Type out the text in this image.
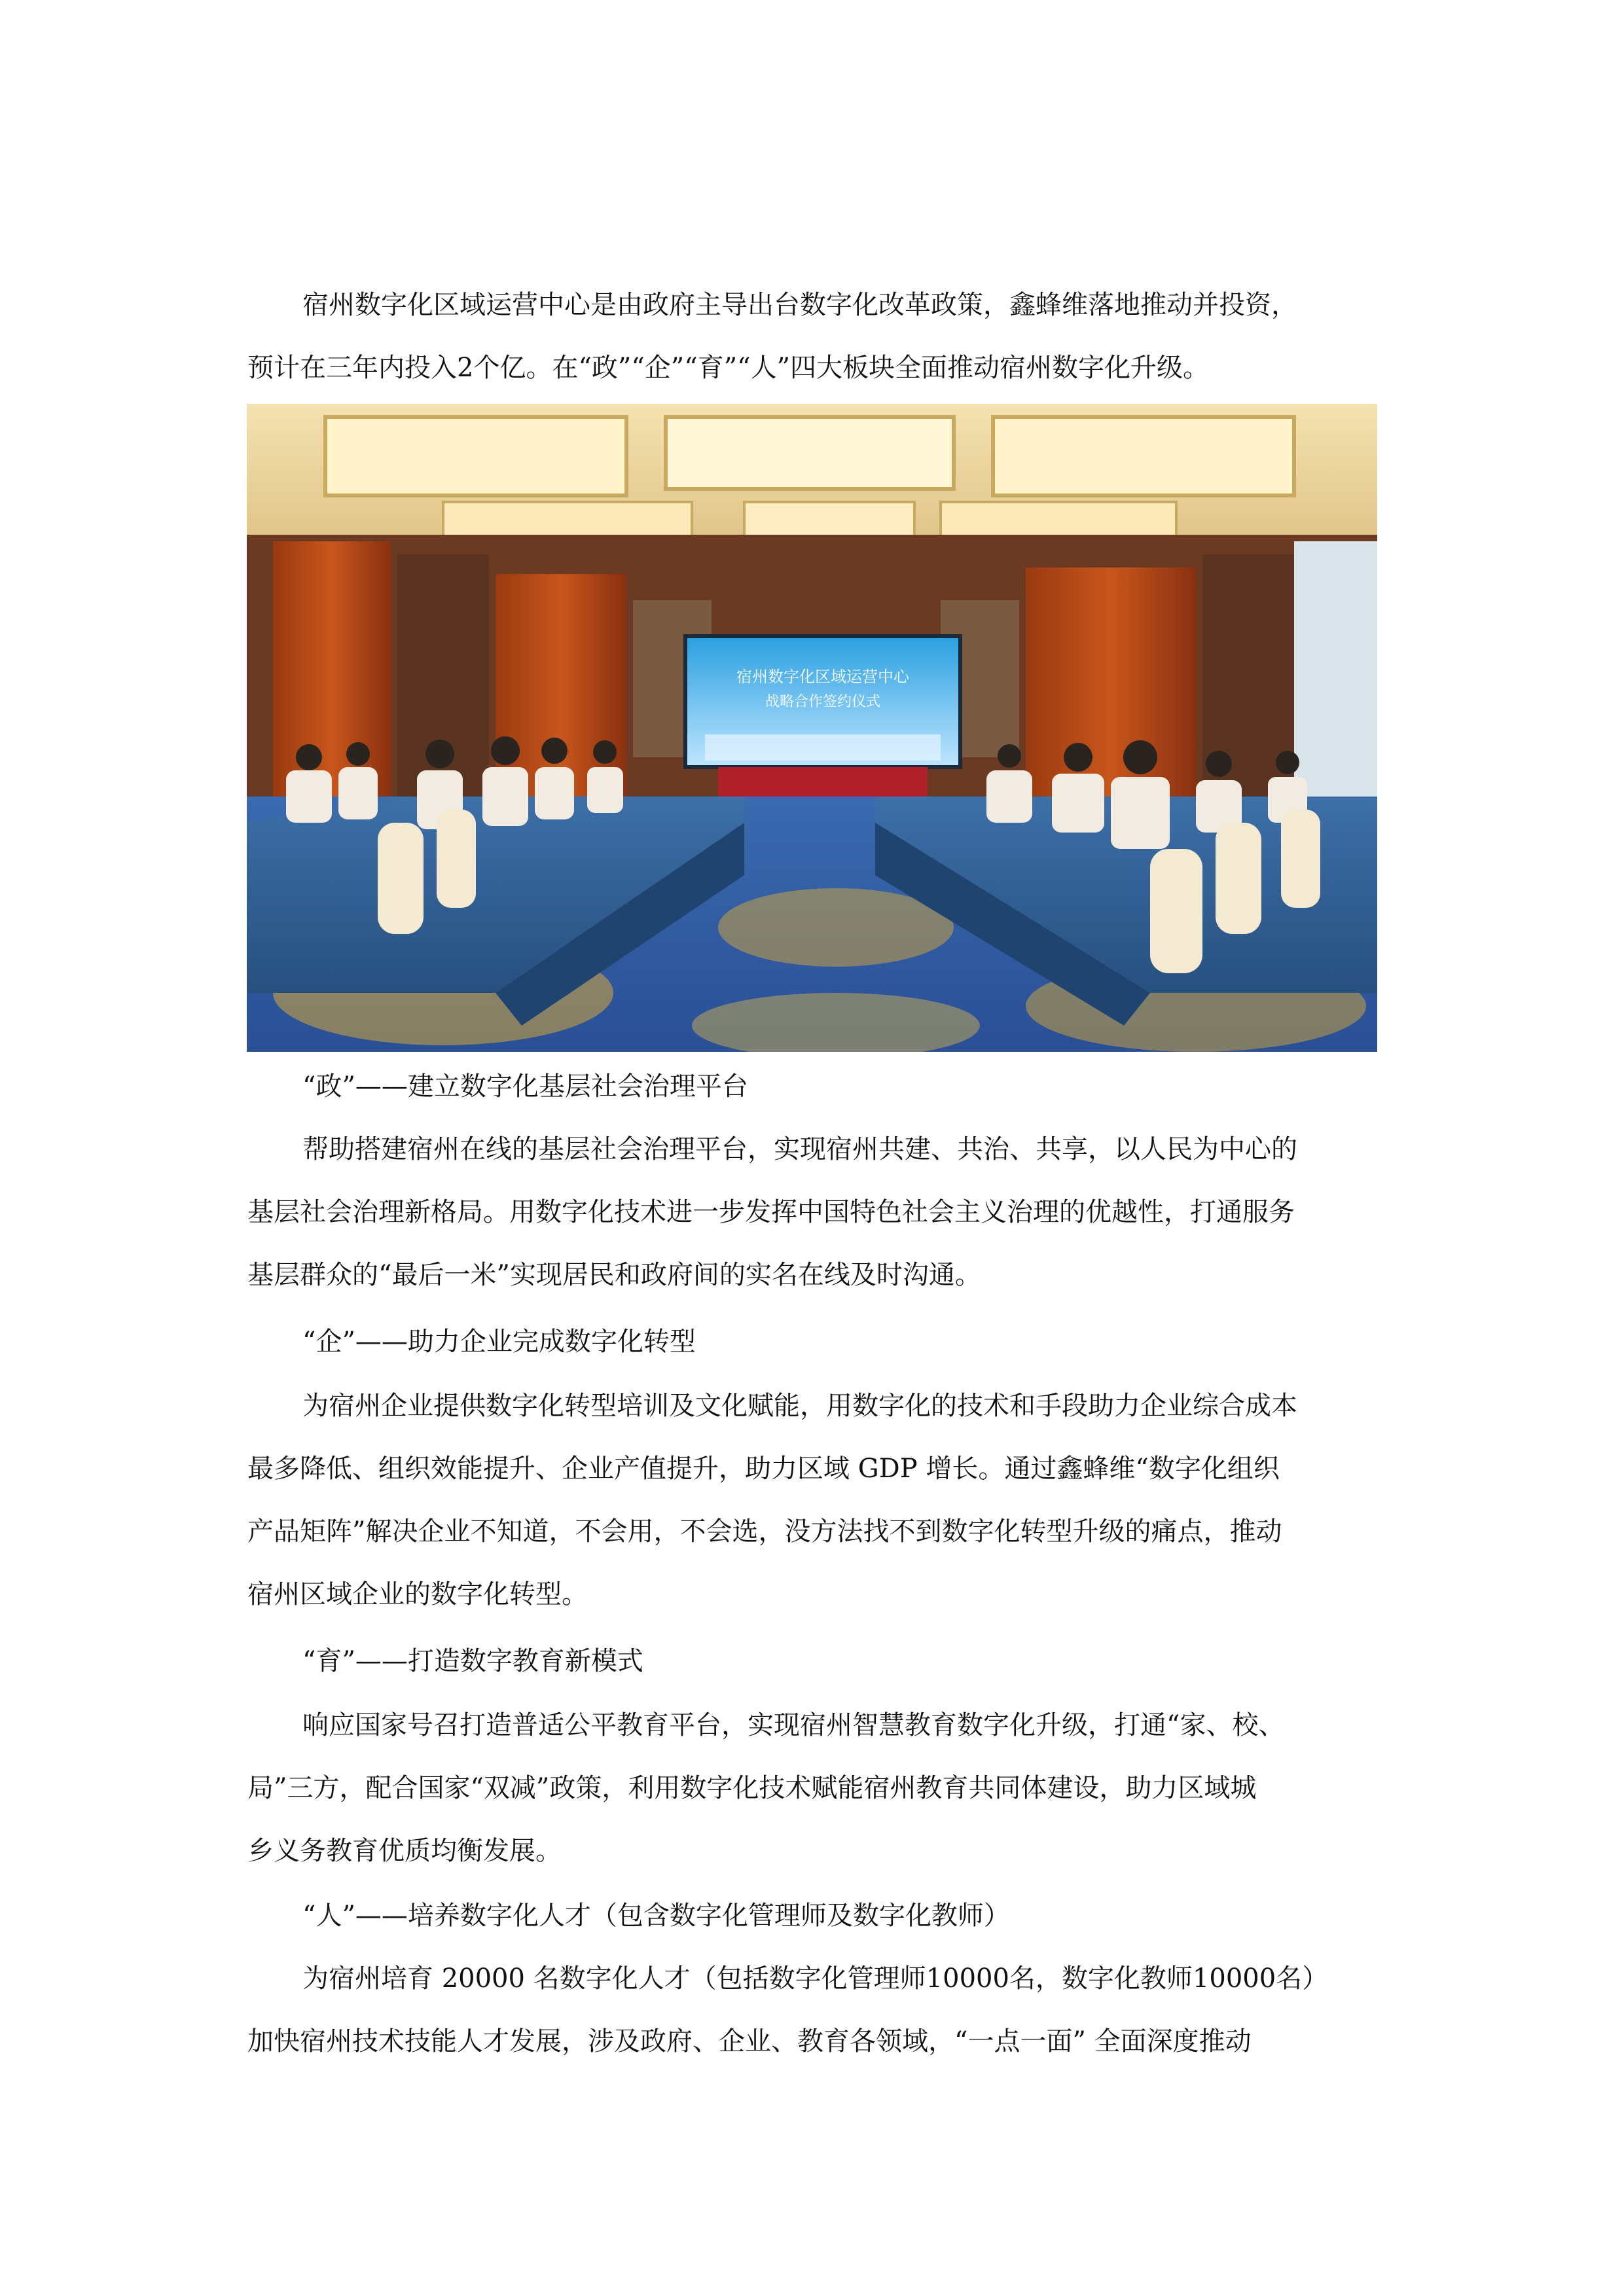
宿州数字化区域运营中心是由政府主导出台数字化改革政策，鑫蜂维落地推动并投资，
预计在三年内投入2个亿。在“政”“企”“育”“人”四大板块全面推动宿州数字化升级。
宿州数字化区域运营中心
战略合作签约仪式
“政”——建立数字化基层社会治理平台
帮助搭建宿州在线的基层社会治理平台，实现宿州共建、共治、共享，以人民为中心的
基层社会治理新格局。用数字化技术进一步发挥中国特色社会主义治理的优越性，打通服务
基层群众的“最后一米”实现居民和政府间的实名在线及时沟通。
“企”——助力企业完成数字化转型
为宿州企业提供数字化转型培训及文化赋能，用数字化的技术和手段助力企业综合成本
最多降低、组织效能提升、企业产值提升，助力区域 GDP 增长。通过鑫蜂维“数字化组织
产品矩阵”解决企业不知道，不会用，不会选，没方法找不到数字化转型升级的痛点，推动
宿州区域企业的数字化转型。
“育”——打造数字教育新模式
响应国家号召打造普适公平教育平台，实现宿州智慧教育数字化升级，打通“家、校、
局”三方，配合国家“双减”政策，利用数字化技术赋能宿州教育共同体建设，助力区域城
乡义务教育优质均衡发展。
“人”——培养数字化人才（包含数字化管理师及数字化教师）
为宿州培育 20000 名数字化人才（包括数字化管理师10000名，数字化教师10000名）
加快宿州技术技能人才发展，涉及政府、企业、教育各领域，“一点一面” 全面深度推动
